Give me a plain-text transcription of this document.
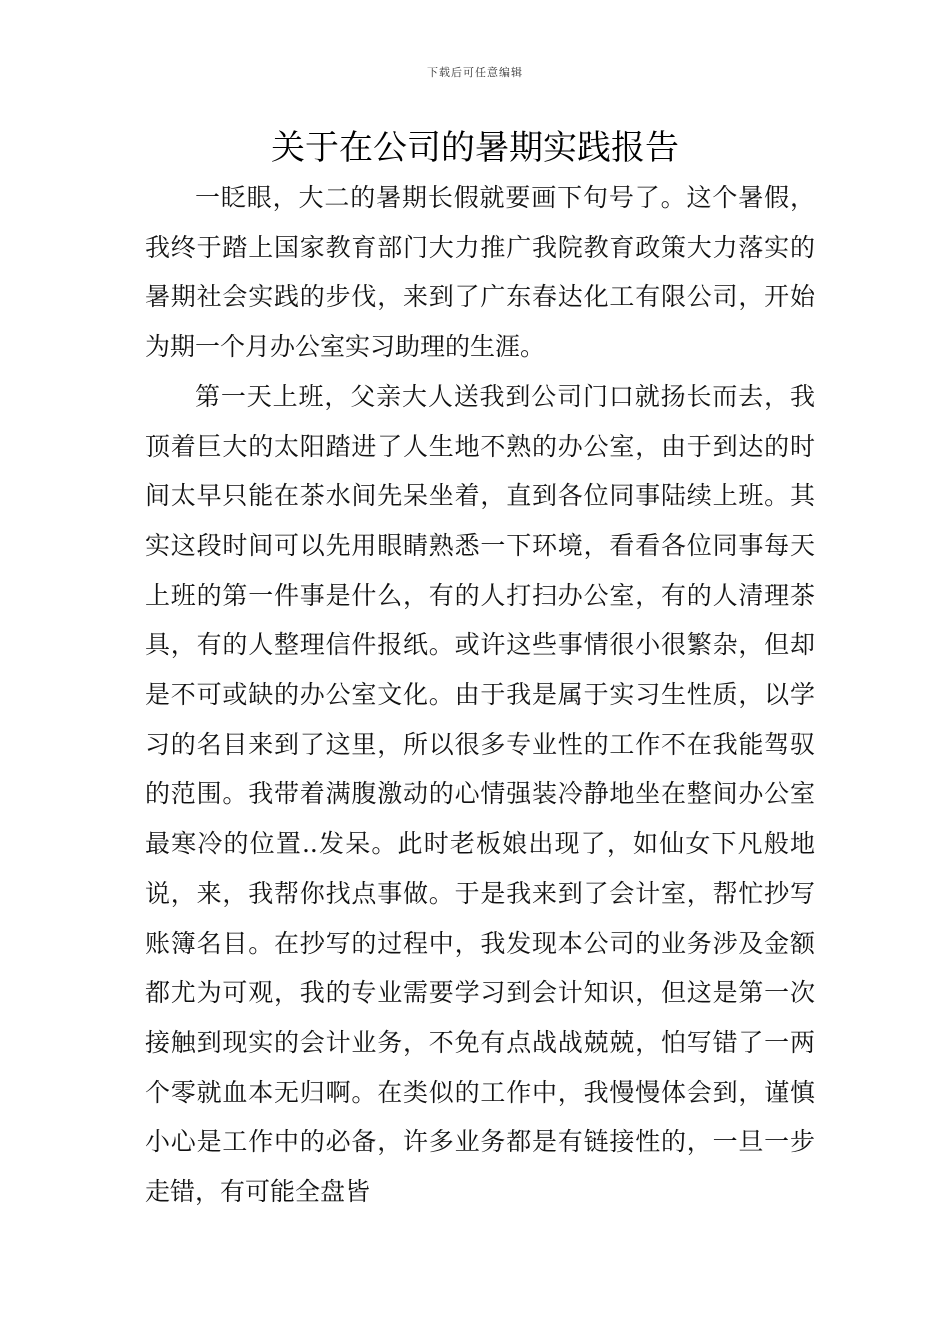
下载后可任意编辑
关于在公司的暑期实践报告

一眨眼，大二的暑期长假就要画下句号了。这个暑假，我终于踏上国家教育部门大力推广我院教育政策大力落实的暑期社会实践的步伐，来到了广东春达化工有限公司，开始为期一个月办公室实习助理的生涯。

第一天上班，父亲大人送我到公司门口就扬长而去，我顶着巨大的太阳踏进了人生地不熟的办公室，由于到达的时间太早只能在茶水间先呆坐着，直到各位同事陆续上班。其实这段时间可以先用眼睛熟悉一下环境，看看各位同事每天上班的第一件事是什么，有的人打扫办公室，有的人清理茶具，有的人整理信件报纸。或许这些事情很小很繁杂，但却是不可或缺的办公室文化。由于我是属于实习生性质，以学习的名目来到了这里，所以很多专业性的工作不在我能驾驭的范围。我带着满腹激动的心情强装冷静地坐在整间办公室最寒冷的位置..发呆。此时老板娘出现了，如仙女下凡般地说，来，我帮你找点事做。于是我来到了会计室，帮忙抄写账簿名目。在抄写的过程中，我发现本公司的业务涉及金额都尤为可观，我的专业需要学习到会计知识，但这是第一次接触到现实的会计业务，不免有点战战兢兢，怕写错了一两个零就血本无归啊。在类似的工作中，我慢慢体会到，谨慎小心是工作中的必备，许多业务都是有链接性的，一旦一步走错，有可能全盘皆
